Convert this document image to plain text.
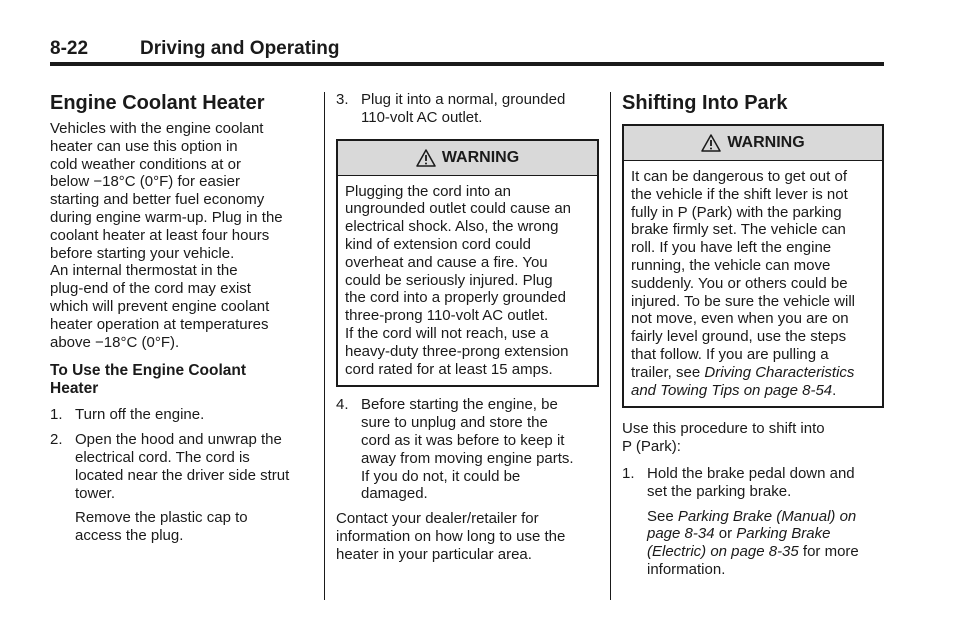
8-22	Driving and Operating
Engine Coolant Heater

Vehicles with the engine coolant
heater can use this option in
cold weather conditions at or
below −18°C (0°F) for easier
starting and better fuel economy
during engine warm-up. Plug in the
coolant heater at least four hours
before starting your vehicle.

An internal thermostat in the
plug-end of the cord may exist
which will prevent engine coolant
heater operation at temperatures
above −18°C (0°F).

To Use the Engine Coolant
Heater
1. Turn off the engine.
2. Open the hood and unwrap the
electrical cord. The cord is
located near the driver side strut
tower.

Remove the plastic cap to
access the plug.

3. Plug it into a normal, grounded
110-volt AC outlet.
WARNING
Plugging the cord into an
ungrounded outlet could cause an
electrical shock. Also, the wrong
kind of extension cord could
overheat and cause a fire. You
could be seriously injured. Plug
the cord into a properly grounded
three-prong 110-volt AC outlet.
If the cord will not reach, use a
heavy-duty three-prong extension
cord rated for at least 15 amps.
4. Before starting the engine, be
sure to unplug and store the
cord as it was before to keep it
away from moving engine parts.
If you do not, it could be
damaged.

Contact your dealer/retailer for
information on how long to use the
heater in your particular area.

Shifting Into Park
WARNING
It can be dangerous to get out of
the vehicle if the shift lever is not
fully in P (Park) with the parking
brake firmly set. The vehicle can
roll. If you have left the engine
running, the vehicle can move
suddenly. You or others could be
injured. To be sure the vehicle will
not move, even when you are on
fairly level ground, use the steps
that follow. If you are pulling a
trailer, see Driving Characteristics
and Towing Tips on page 8-54.

Use this procedure to shift into
P (Park):

1. Hold the brake pedal down and
set the parking brake.

See Parking Brake (Manual) on
page 8-34 or Parking Brake
(Electric) on page 8-35 for more
information.
